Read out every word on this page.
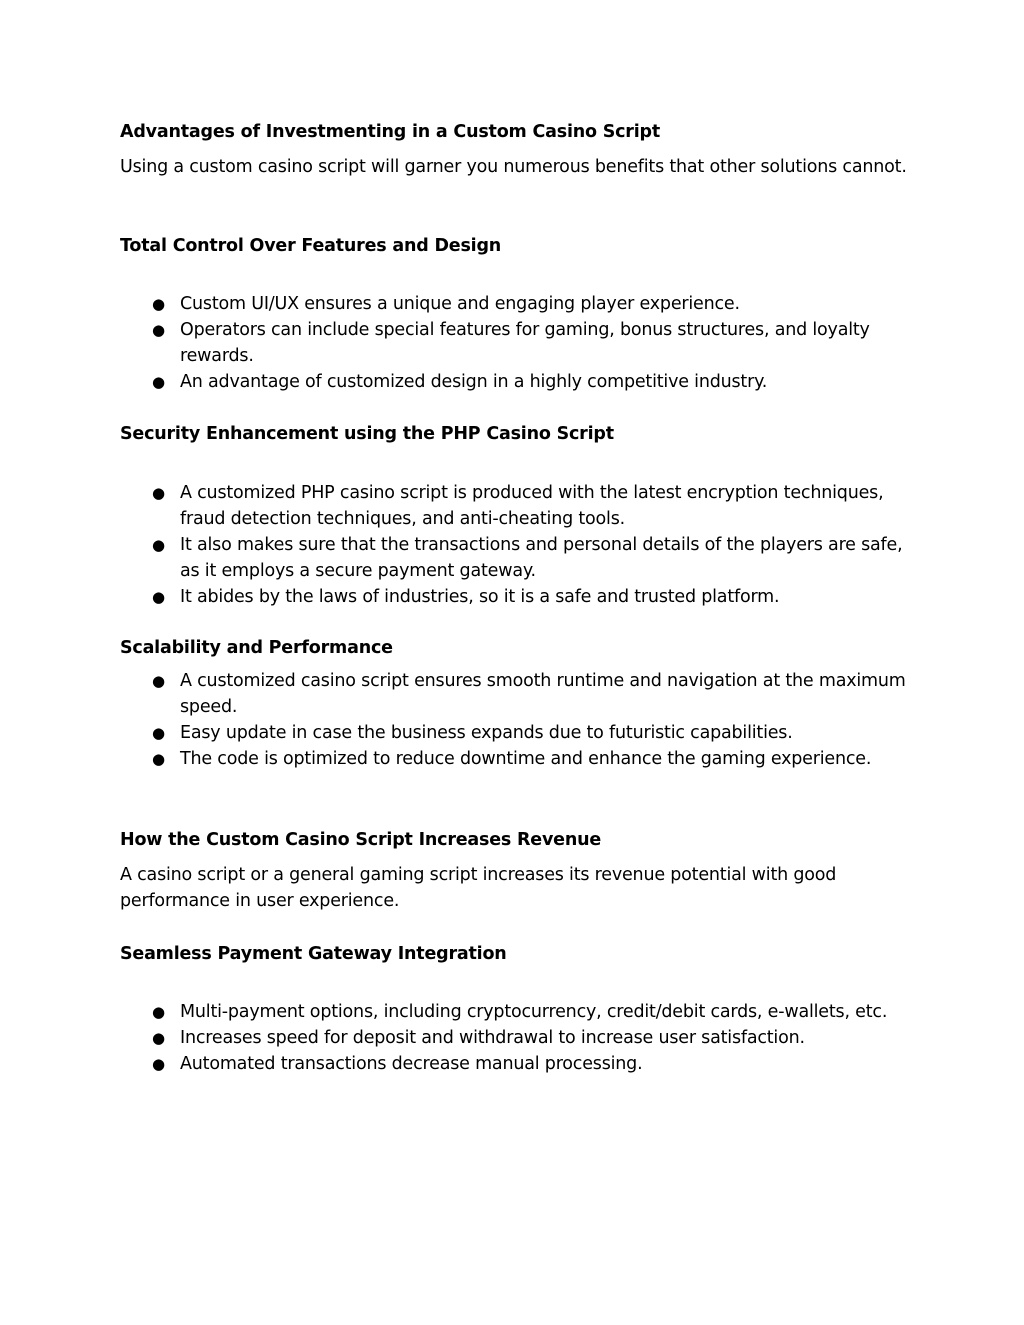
Advantages of Investmenting in a Custom Casino Script
Using a custom casino script will garner you numerous benefits that other solutions cannot.
Total Control Over Features and Design
● Custom UI/UX ensures a unique and engaging player experience.
● Operators can include special features for gaming, bonus structures, and loyalty rewards.
● An advantage of customized design in a highly competitive industry.
Security Enhancement using the PHP Casino Script
● A customized PHP casino script is produced with the latest encryption techniques, fraud detection techniques, and anti-cheating tools.
● It also makes sure that the transactions and personal details of the players are safe, as it employs a secure payment gateway.
● It abides by the laws of industries, so it is a safe and trusted platform.
Scalability and Performance
● A customized casino script ensures smooth runtime and navigation at the maximum speed.
● Easy update in case the business expands due to futuristic capabilities.
● The code is optimized to reduce downtime and enhance the gaming experience.
How the Custom Casino Script Increases Revenue
A casino script or a general gaming script increases its revenue potential with good performance in user experience.
Seamless Payment Gateway Integration
● Multi-payment options, including cryptocurrency, credit/debit cards, e-wallets, etc.
● Increases speed for deposit and withdrawal to increase user satisfaction.
● Automated transactions decrease manual processing.
